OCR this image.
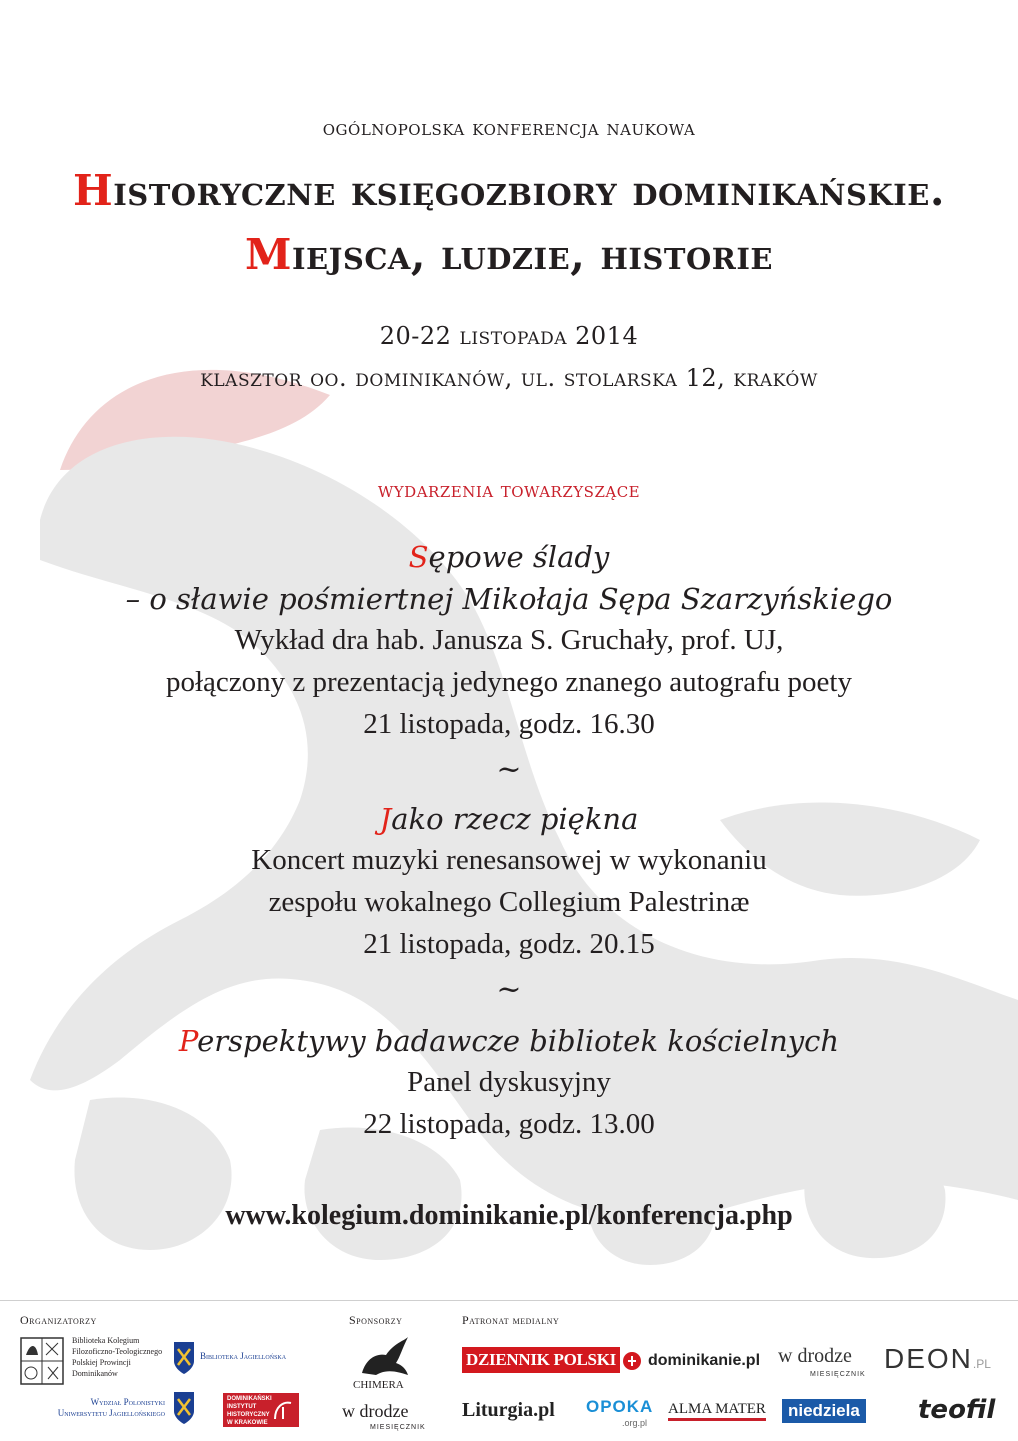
ogólnopolska konferencja naukowa
Historyczne księgozbiory dominikańskie.
Miejsca, ludzie, historie
20-22 listopada 2014
klasztor oo. dominikanów, ul. stolarska 12, kraków
wydarzenia towarzyszące
Sępowe ślady
– o sławie pośmiertnej Mikołaja Sępa Szarzyńskiego
Wykład dra hab. Janusza S. Gruchały, prof. UJ,
połączony z prezentacją jedynego znanego autografu poety
21 listopada, godz. 16.30
~
Jako rzecz piękna
Koncert muzyki renesansowej w wykonaniu
zespołu wokalnego Collegium Palestrinæ
21 listopada, godz. 20.15
~
Perspektywy badawcze bibliotek kościelnych
Panel dyskusyjny
22 listopada, godz. 13.00
www.kolegium.dominikanie.pl/konferencja.php
Organizatorzy	Sponsorzy	Patronat medialny
Biblioteka Kolegium
Filozoficzno-Teologicznego
Polskiej Prowincji
Dominikanów
Biblioteka Jagiellońska
Wydział Polonistyki
Uniwersytetu Jagiellońskiego
DOMINIKAŃSKI
INSTYTUT
HISTORYCZNY
W KRAKOWIE
CHIMERA
w drodze
MIESIĘCZNIK
DZIENNIK POLSKI dominikanie.pl w drodze
MIESIĘCZNIK
DEON.PL
Liturgia.pl OPOKA
.org.pl
ALMA MATER	niedziela teofil
